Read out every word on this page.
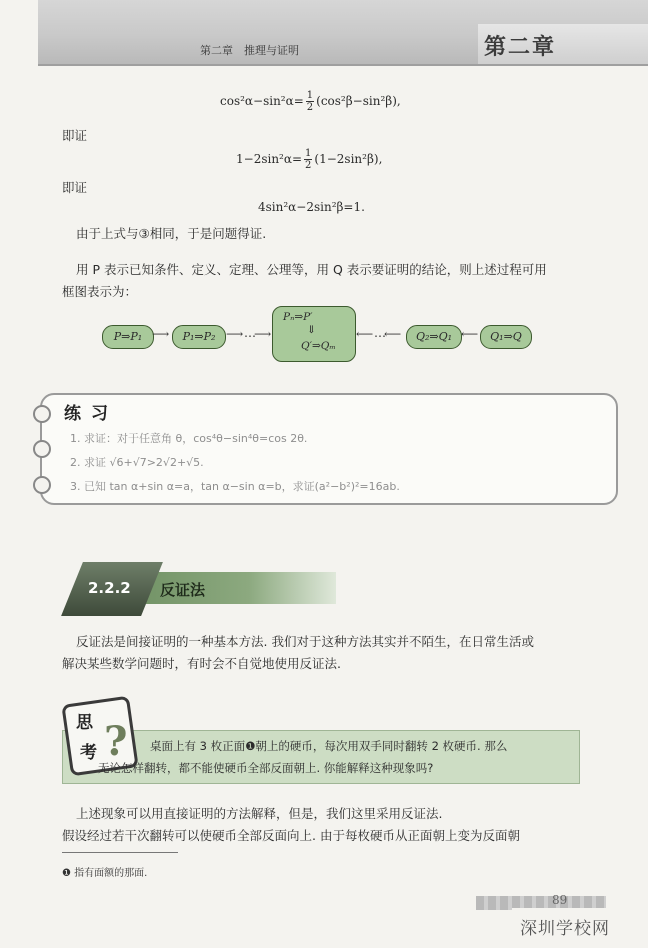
第二章　推理与证明	第二章
$\cos^2\alpha-\sin^2\alpha= \frac{1}{2} (\cos^2\beta-\sin^2\beta)$,
即证
$1-2\sin^2\alpha= \frac{1}{2} (1-2\sin^2\beta)$,
即证
4sin²α−2sin²β=1.
由于上式与③相同，于是问题得证.
用 P 表示已知条件、定义、定理、公理等，用 Q 表示要证明的结论，则上述过程可用
框图表示为：
P⇒P₁ ⟶	P₁⇒P₂ ⟶ …
⟶
Pₙ⇒P′
⇓
Q′⇒Qₘ
⟵ …
⟵	Q₂⇒Q₁ ⟵	Q₁⇒Q
练习
1. 求证：对于任意角 θ，cos⁴θ−sin⁴θ=cos 2θ.
2. 求证 √6+√7>2√2+√5.
3. 已知 tan α+sin α=a，tan α−sin α=b，求证(a²−b²)²=16ab.
2.2.2 反证法
反证法是间接证明的一种基本方法. 我们对于这种方法其实并不陌生，在日常生活或
解决某些数学问题时，有时会不自觉地使用反证法.
思
考 ? 桌面上有 3 枚正面❶朝上的硬币，每次用双手同时翻转 2 枚硬币. 那么
无论怎样翻转，都不能使硬币全部反面朝上. 你能解释这种现象吗?
上述现象可以用直接证明的方法解释，但是，我们这里采用反证法.
假设经过若干次翻转可以使硬币全部反面向上. 由于每枚硬币从正面朝上变为反面朝
❶ 指有面额的那面.
89
深圳学校网
